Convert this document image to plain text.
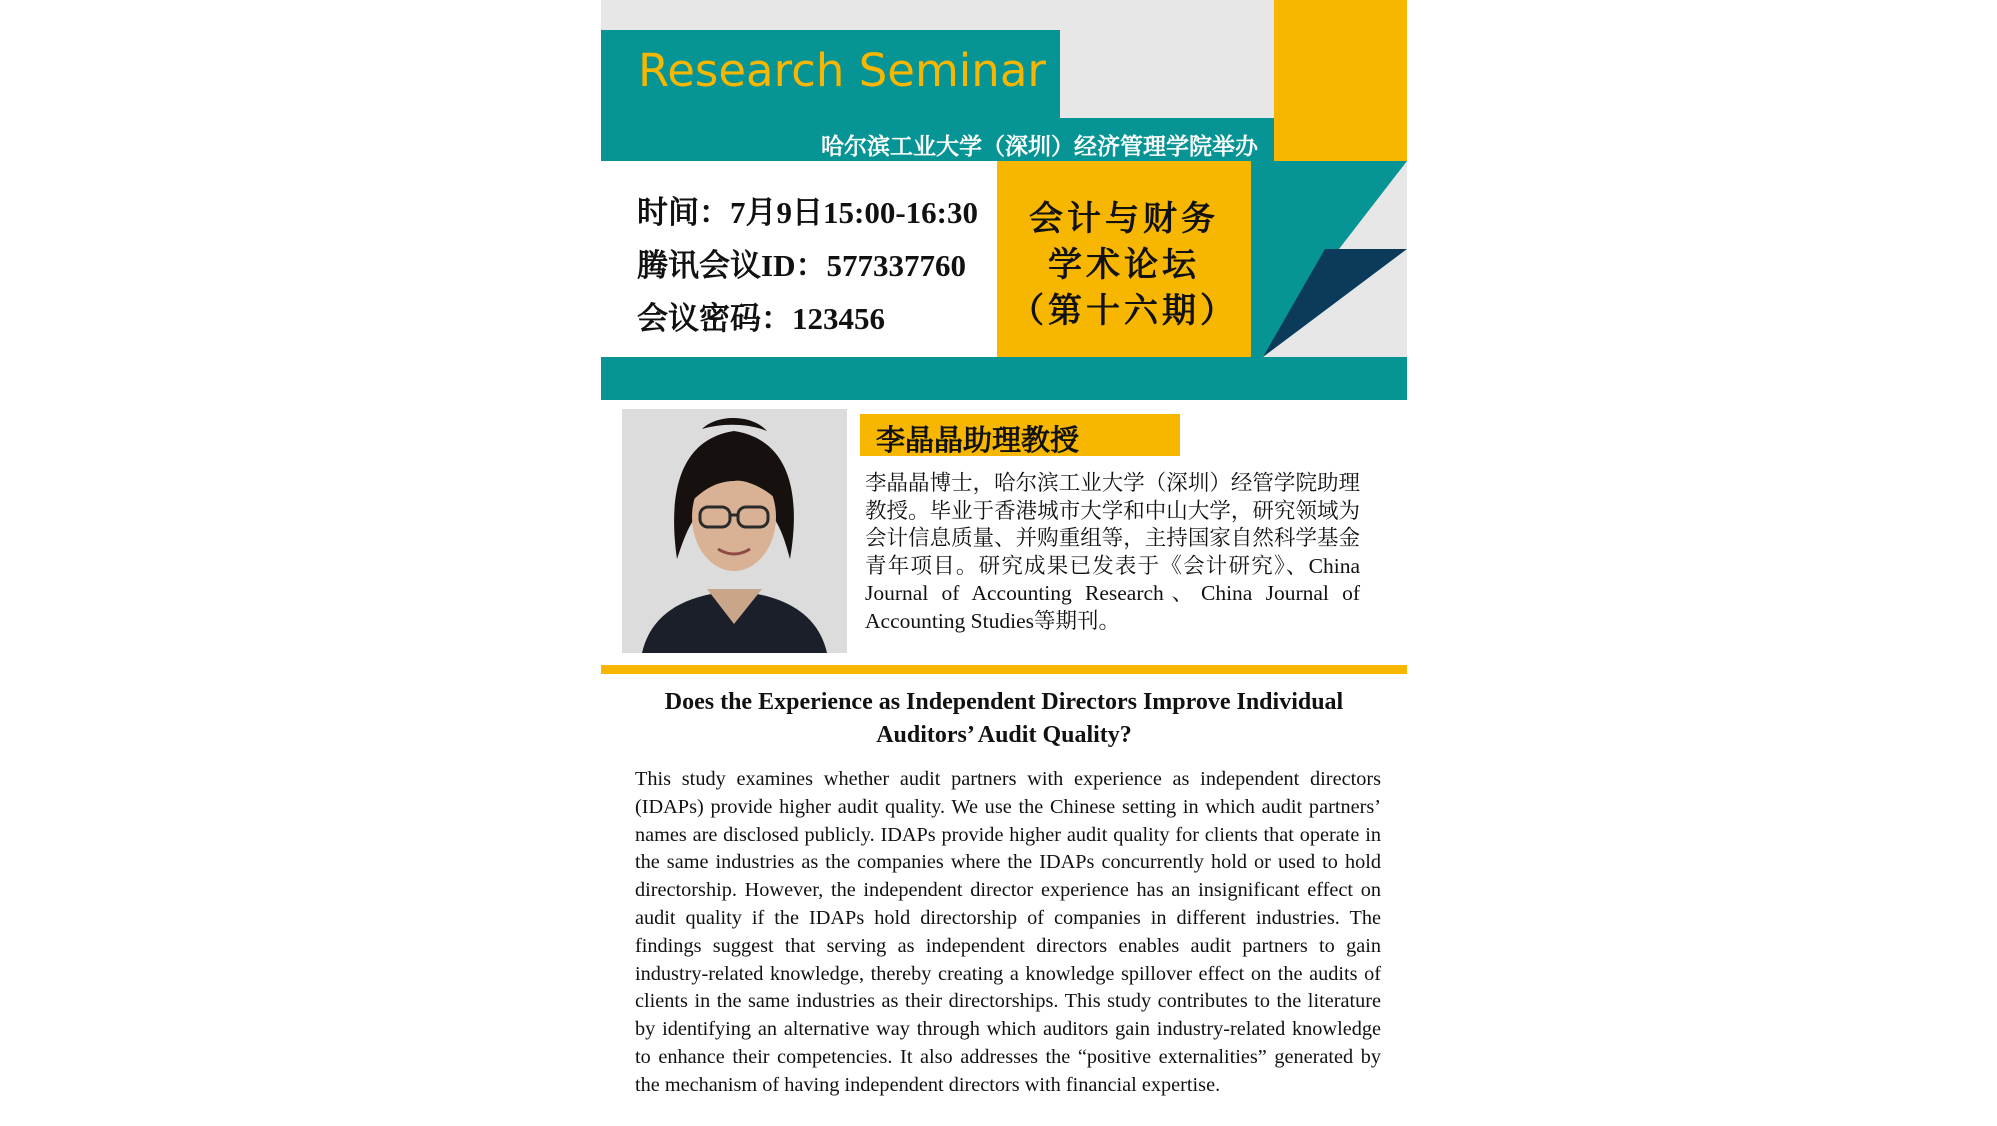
Research Seminar
哈尔滨工业大学（深圳）经济管理学院举办
时间：7月9日15:00-16:30
腾讯会议ID：577337760
会议密码：123456
会计与财务
学术论坛
（第十六期）
李晶晶助理教授
李晶晶博士，哈尔滨工业大学（深圳）经管学院助理教授。毕业于香港城市大学和中山大学，研究领域为会计信息质量、并购重组等，主持国家自然科学基金青年项目。研究成果已发表于《会计研究》、China Journal of Accounting Research、China Journal of Accounting Studies等期刊。
Does the Experience as Independent Directors Improve Individual Auditors’ Audit Quality?
This study examines whether audit partners with experience as independent directors (IDAPs) provide higher audit quality. We use the Chinese setting in which audit partners’ names are disclosed publicly. IDAPs provide higher audit quality for clients that operate in the same industries as the companies where the IDAPs concurrently hold or used to hold directorship. However, the independent director experience has an insignificant effect on audit quality if the IDAPs hold directorship of companies in different industries. The findings suggest that serving as independent directors enables audit partners to gain industry-related knowledge, thereby creating a knowledge spillover effect on the audits of clients in the same industries as their directorships. This study contributes to the literature by identifying an alternative way through which auditors gain industry-related knowledge to enhance their competencies. It also addresses the “positive externalities” generated by the mechanism of having independent directors with financial expertise.
